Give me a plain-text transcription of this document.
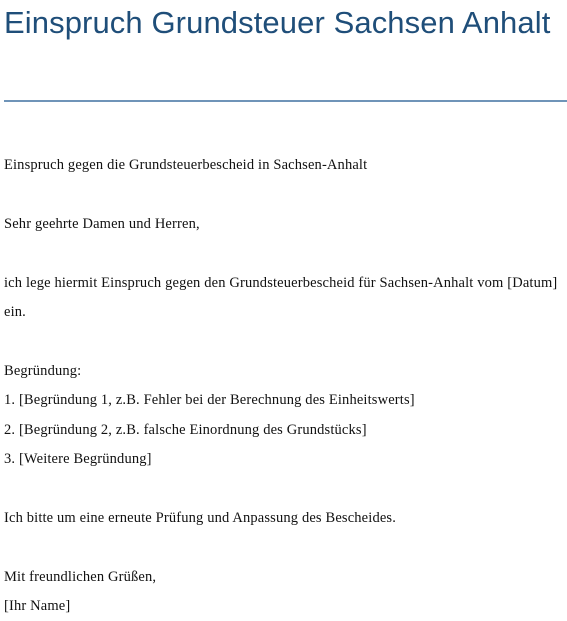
Einspruch Grundsteuer Sachsen Anhalt

Einspruch gegen die Grundsteuerbescheid in Sachsen-Anhalt

Sehr geehrte Damen und Herren,

ich lege hiermit Einspruch gegen den Grundsteuerbescheid für Sachsen-Anhalt vom [Datum]

ein.

Begründung:

1. [Begründung 1, z.B. Fehler bei der Berechnung des Einheitswerts]

2. [Begründung 2, z.B. falsche Einordnung des Grundstücks]

3. [Weitere Begründung]

Ich bitte um eine erneute Prüfung und Anpassung des Bescheides.

Mit freundlichen Grüßen,

[Ihr Name]
